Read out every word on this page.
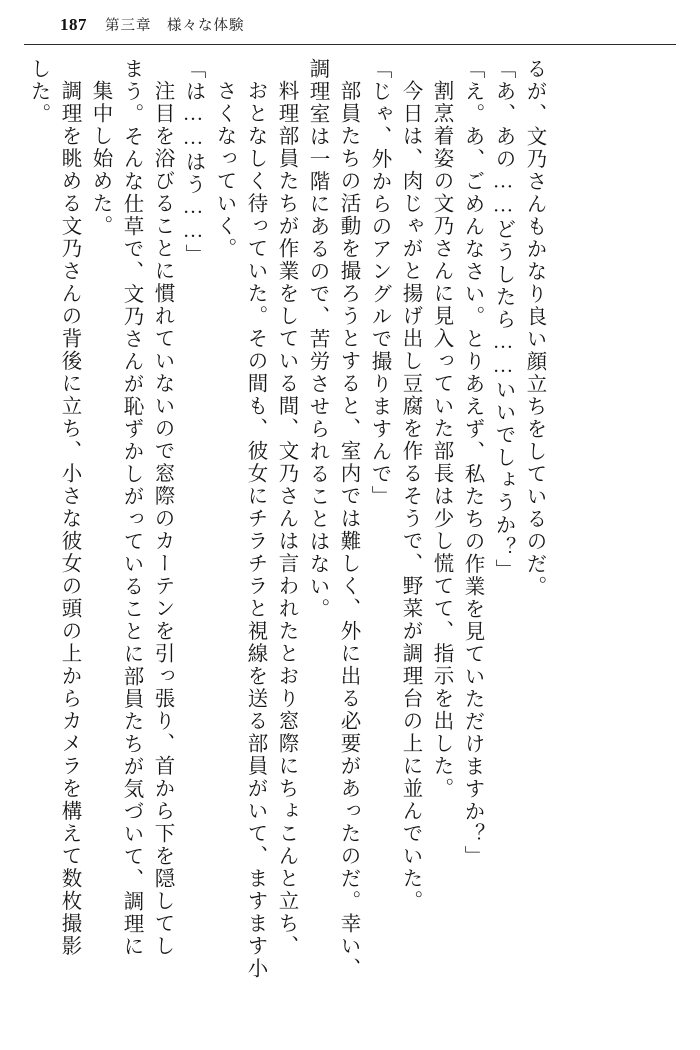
187 第三章　様々な体験
るが、文乃さんもかなり良い顔立ちをしているのだ。
「あ、あの……どうしたら……いいでしょうか？」
「え。あ、ごめんなさい。とりあえず、私たちの作業を見ていただけますか？」
割烹着姿の文乃さんに見入っていた部長は少し慌てて、指示を出した。
今日は、肉じゃがと揚げ出し豆腐を作るそうで、野菜が調理台の上に並んでいた。
「じゃ、外からのアングルで撮りますんで」
部員たちの活動を撮ろうとすると、室内では難しく、外に出る必要があったのだ。幸い、
調理室は一階にあるので、苦労させられることはない。
料理部員たちが作業をしている間、文乃さんは言われたとおり窓際にちょこんと立ち、
おとなしく待っていた。その間も、彼女にチラチラと視線を送る部員がいて、ますます小
さくなっていく。
「は……はう……」
注目を浴びることに慣れていないので窓際のカーテンを引っ張り、首から下を隠してし
まう。そんな仕草で、文乃さんが恥ずかしがっていることに部員たちが気づいて、調理に
集中し始めた。
調理を眺める文乃さんの背後に立ち、小さな彼女の頭の上からカメラを構えて数枚撮影
した。
